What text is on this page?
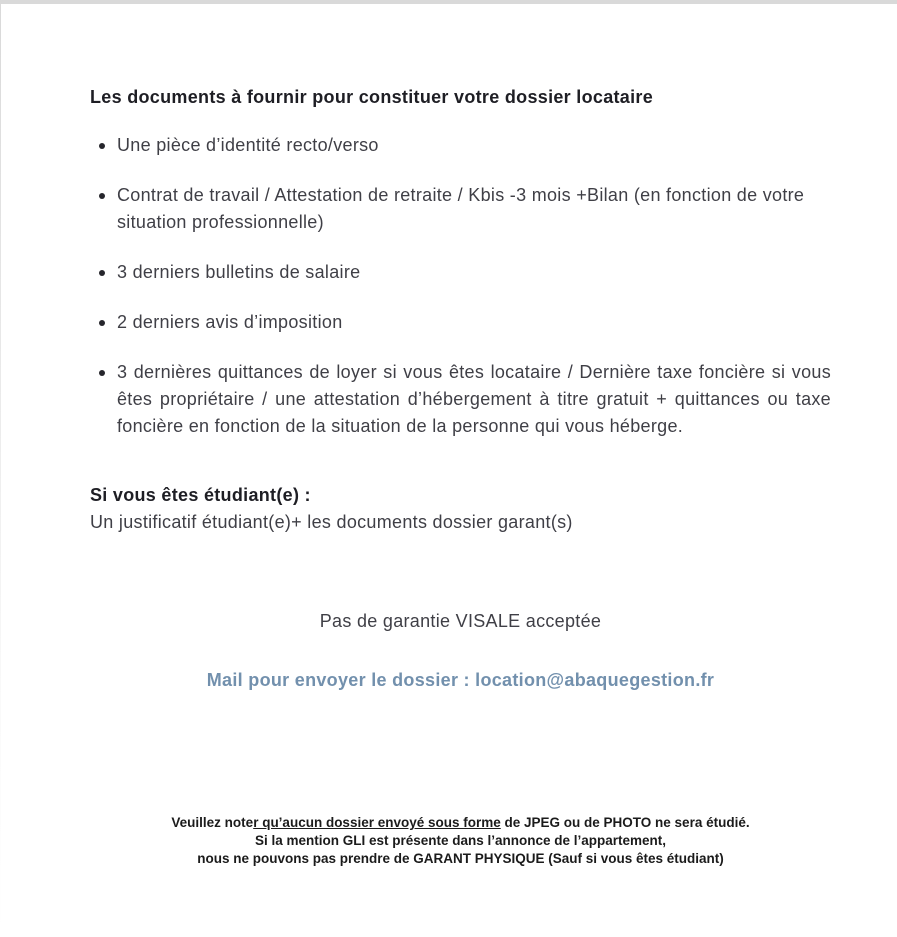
Les documents à fournir pour constituer votre dossier locataire
Une pièce d’identité recto/verso
Contrat de travail / Attestation de retraite / Kbis -3 mois +Bilan (en fonction de votre situation professionnelle)
3 derniers bulletins de salaire
2 derniers avis d’imposition
3 dernières quittances de loyer si vous êtes locataire / Dernière taxe foncière si vous êtes propriétaire / une attestation d’hébergement à titre gratuit + quittances ou taxe foncière en fonction de la situation de la personne qui vous héberge.

Si vous êtes étudiant(e) :

Un justificatif étudiant(e)+ les documents dossier garant(s)

Pas de garantie VISALE acceptée

Mail pour envoyer le dossier : location@abaquegestion.fr

Veuillez noter qu’aucun dossier envoyé sous forme de JPEG ou de PHOTO ne sera étudié.

Si la mention GLI est présente dans l’annonce de l’appartement,

nous ne pouvons pas prendre de GARANT PHYSIQUE (Sauf si vous êtes étudiant)
